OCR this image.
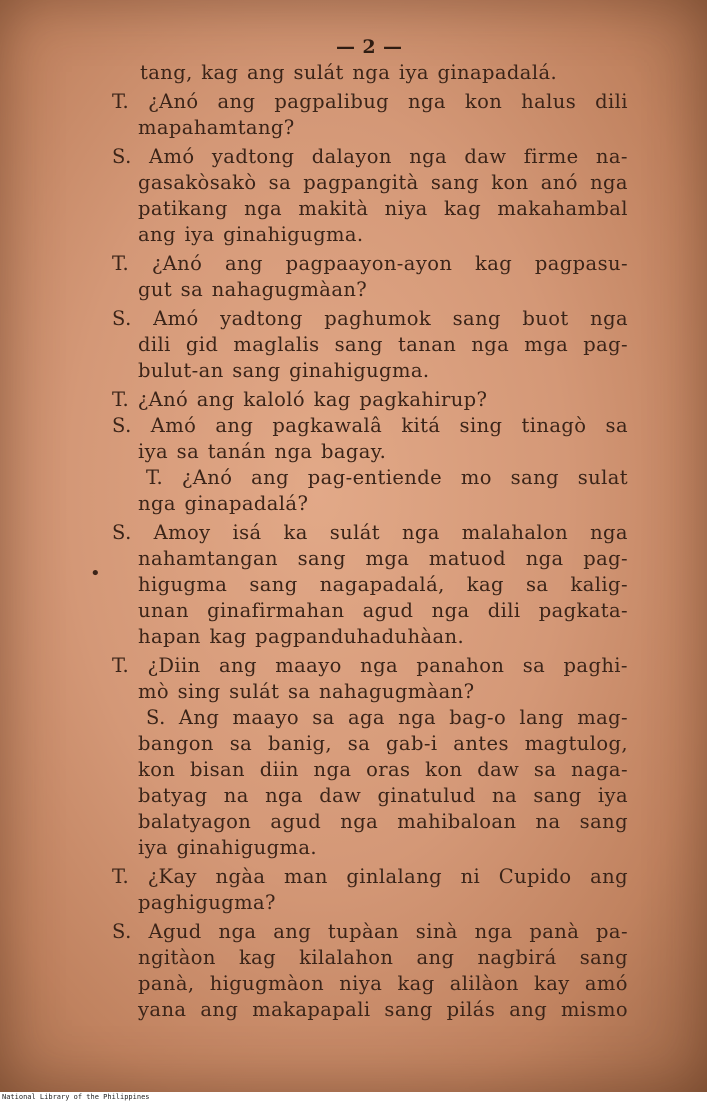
— 2 —
tang, kag ang sulát nga iya ginapadalá.
T. ¿Anó ang pagpalibug nga kon halus dili
mapahamtang?
S. Amó yadtong dalayon nga daw firme na-
gasakòsakò sa pagpangità sang kon anó nga
patikang nga makità niya kag makahambal
ang iya ginahigugma.
T. ¿Anó ang pagpaayon-ayon kag pagpasu-
gut sa nahagugmàan?
S. Amó yadtong paghumok sang buot nga
dili gid maglalis sang tanan nga mga pag-
bulut-an sang ginahigugma.
T. ¿Anó ang kaloló kag pagkahirup?
S. Amó ang pagkawalâ kitá sing tinagò sa
iya sa tanán nga bagay.
T. ¿Anó ang pag-entiende mo sang sulat
nga ginapadalá?
S. Amoy isá ka sulát nga malahalon nga
nahamtangan sang mga matuod nga pag-
higugma sang nagapadalá, kag sa kalig-
unan ginafirmahan agud nga dili pagkata-
hapan kag pagpanduhaduhàan.
T. ¿Diin ang maayo nga panahon sa paghi-
mò sing sulát sa nahagugmàan?
S. Ang maayo sa aga nga bag-o lang mag-
bangon sa banig, sa gab-i antes magtulog,
kon bisan diin nga oras kon daw sa naga-
batyag na nga daw ginatulud na sang iya
balatyagon agud nga mahibaloan na sang
iya ginahigugma.
T. ¿Kay ngàa man ginlalang ni Cupido ang
paghigugma?
S. Agud nga ang tupàan sinà nga panà pa-
ngitàon kag kilalahon ang nagbirá sang
panà, higugmàon niya kag alilàon kay amó
yana ang makapapali sang pilás ang mismo
•
National Library of the Philippines
